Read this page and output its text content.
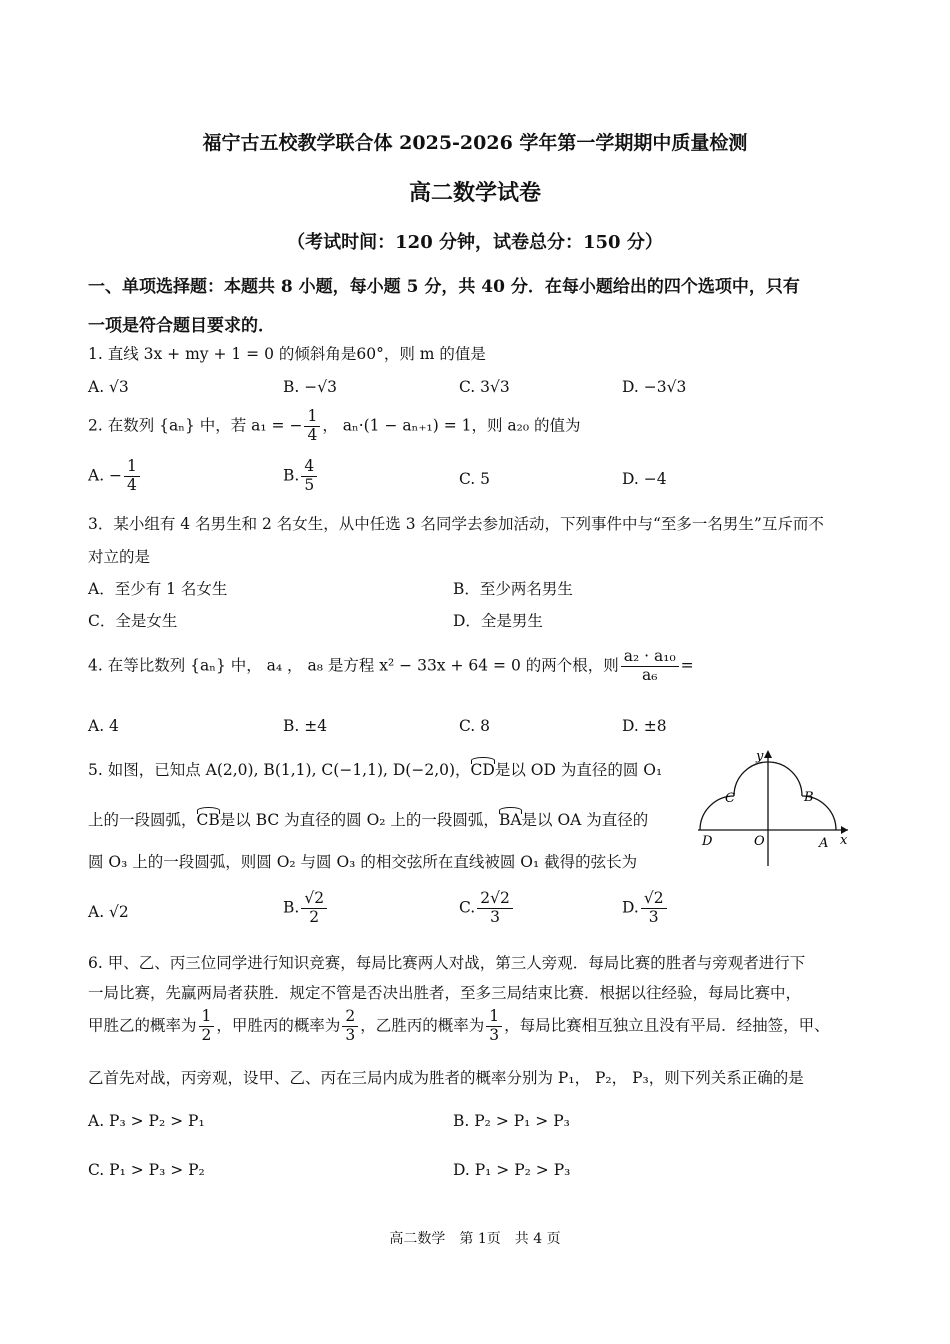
福宁古五校教学联合体 2025-2026 学年第一学期期中质量检测
高二数学试卷
（考试时间：120 分钟，试卷总分：150 分）
一、单项选择题：本题共 8 小题，每小题 5 分，共 40 分．在每小题给出的四个选项中，只有
一项是符合题目要求的．
1. 直线 3x + my + 1 = 0 的倾斜角是60°，则 m 的值是
A. √3	B. −√3	C. 3√3	D. −3√3
2. 在数列 {aₙ} 中，若 a₁ = − $\frac{1}{4}$ ， aₙ·(1 − aₙ₊₁) = 1，则 a₂₀ 的值为
A. − $\frac{1}{4}$	B. $\frac{4}{5}$	C. 5	D. −4
3．某小组有 4 名男生和 2 名女生，从中任选 3 名同学去参加活动，下列事件中与“至多一名男生”互斥而不
对立的是
A．至少有 1 名女生	B．至少两名男生
C．全是女生	D．全是男生
4. 在等比数列 {aₙ} 中， a₄ ， a₈ 是方程 x² − 33x + 64 = 0 的两个根，则 $\frac{\text{a₂ · a₁₀}}{\text{a₆}}$ =
A. 4	B. ±4	C. 8	D. ±8
5. 如图，已知点 A(2,0), B(1,1), C(−1,1), D(−2,0)，CD是以 OD 为直径的圆 O₁
上的一段圆弧，CB是以 BC 为直径的圆 O₂ 上的一段圆弧，BA是以 OA 为直径的
圆 O₃ 上的一段圆弧，则圆 O₂ 与圆 O₃ 的相交弦所在直线被圆 O₁ 截得的弦长为
y
x
C	B
D	O	A
A. √2	B. $\frac{√2}{2}$	C. $\frac{2√2}{3}$	D. $\frac{√2}{3}$
6. 甲、乙、丙三位同学进行知识竞赛，每局比赛两人对战，第三人旁观．每局比赛的胜者与旁观者进行下
一局比赛，先赢两局者获胜．规定不管是否决出胜者，至多三局结束比赛．根据以往经验，每局比赛中，
甲胜乙的概率为 $\frac{1}{2}$ ，甲胜丙的概率为 $\frac{2}{3}$ ，乙胜丙的概率为 $\frac{1}{3}$ ，每局比赛相互独立且没有平局．经抽签，甲、
乙首先对战，丙旁观，设甲、乙、丙在三局内成为胜者的概率分别为 P₁， P₂， P₃，则下列关系正确的是
A. P₃ > P₂ > P₁	B. P₂ > P₁ > P₃
C. P₁ > P₃ > P₂	D. P₁ > P₂ > P₃
高二数学　第 1页　共 4 页
